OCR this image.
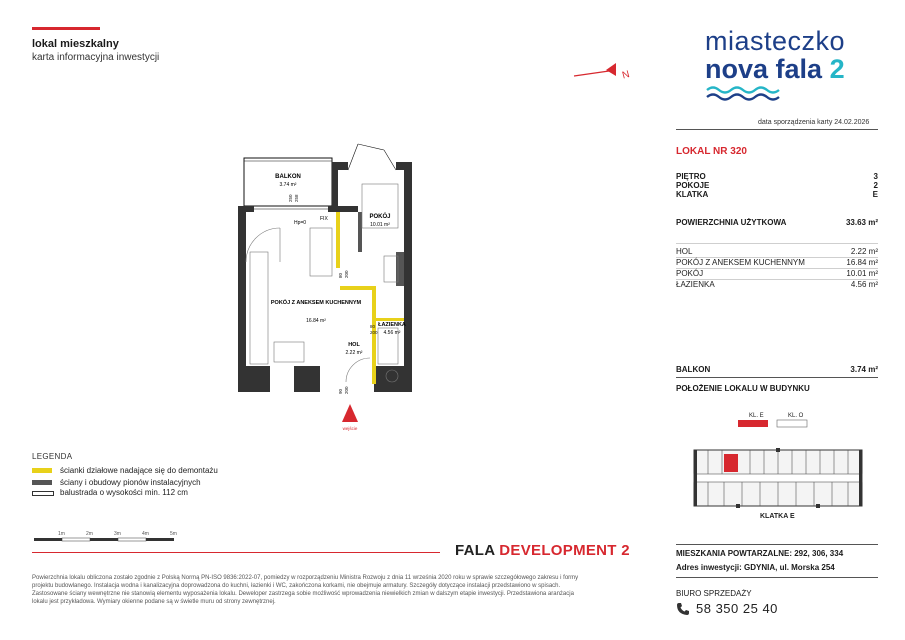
lokal mieszkalny
karta informacyjna inwestycji
N
miasteczko
nova fala 2
data sporządzenia karty 24.02.2026
LOKAL NR 320
PIĘTRO	3
POKOJE	2
KLATKA	E
POWIERZCHNIA UŻYTKOWA	33.63 m²
HOL	2.22 m²
POKÓJ Z ANEKSEM KUCHENNYM	16.84 m²
POKÓJ	10.01 m²
ŁAZIENKA	4.56 m²
BALKON	3.74 m²
POŁOŻENIE LOKALU W BUDYNKU
KL. E	KL. O
KLATKA E
BALKON
3.74 m²
POKÓJ
10.01 m²
POKÓJ Z ANEKSEM KUCHENNYM
16.84 m²
ŁAZIENKA
4.56 m²
HOL
2.22 m²
FIX
Hp=0
wejście
80 200
90 200
80
200
250 258
LEGENDA
ścianki działowe nadające się do demontażu
ściany i obudowy pionów instalacyjnych
balustrada o wysokości min. 112 cm
1m	2m	3m	4m	5m
FALA DEVELOPMENT 2
Powierzchnia lokalu obliczona zostało zgodnie z Polską Normą PN-ISO 9836:2022-07, pomiedzy w rozporządzeniu Ministra Rozwoju z dnia 11 września 2020 roku w sprawie szczegółowego zakresu i formy projektu budowlanego. Instalacja wodna i kanalizacyjna doprowadzona do kuchni, łazienki i WC, zakończona korkami, nie obejmuje armatury. Szczegóły dotyczące instalacji przedstawiono w spisach. Zastosowane ściany wewnętrzne nie stanowią elementu wyposażenia lokalu. Deweloper zastrzega sobie możliwość wprowadzenia niewielkich zmian w dalszym etapie inwestycji. Przedstawiona aranżacja lokalu jest przykładowa. Wymiary okienne podane są w świetle muru od strony zewnętrznej.
MIESZKANIA POWTARZALNE: 292, 306, 334
Adres inwestycji: GDYNIA, ul. Morska 254
BIURO SPRZEDAŻY
58 350 25 40
